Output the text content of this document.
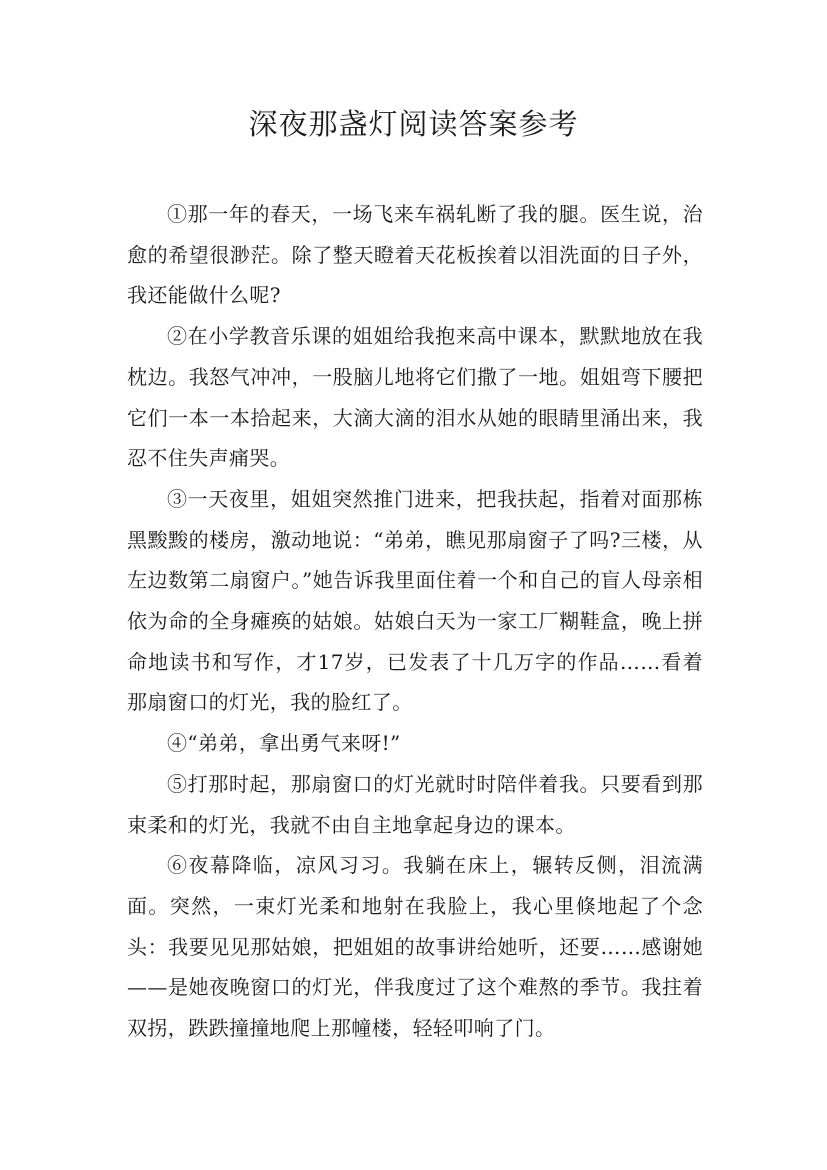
深夜那盏灯阅读答案参考

①那一年的春天，一场飞来车祸轧断了我的腿。医生说，治愈的希望很渺茫。除了整天瞪着天花板挨着以泪洗面的日子外，我还能做什么呢?

②在小学教音乐课的姐姐给我抱来高中课本，默默地放在我枕边。我怒气冲冲，一股脑儿地将它们撒了一地。姐姐弯下腰把它们一本一本拾起来，大滴大滴的泪水从她的眼睛里涌出来，我忍不住失声痛哭。

③一天夜里，姐姐突然推门进来，把我扶起，指着对面那栋黑黢黢的楼房，激动地说：“弟弟，瞧见那扇窗子了吗?三楼，从左边数第二扇窗户。”她告诉我里面住着一个和自己的盲人母亲相依为命的全身瘫痪的姑娘。姑娘白天为一家工厂糊鞋盒，晚上拼命地读书和写作，才17岁，已发表了十几万字的作品……看着那扇窗口的灯光，我的脸红了。

④“弟弟，拿出勇气来呀!”

⑤打那时起，那扇窗口的灯光就时时陪伴着我。只要看到那束柔和的灯光，我就不由自主地拿起身边的课本。

⑥夜幕降临，凉风习习。我躺在床上，辗转反侧，泪流满面。突然，一束灯光柔和地射在我脸上，我心里倏地起了个念头：我要见见那姑娘，把姐姐的故事讲给她听，还要……感谢她——是她夜晚窗口的灯光，伴我度过了这个难熬的季节。我拄着双拐，跌跌撞撞地爬上那幢楼，轻轻叩响了门。
